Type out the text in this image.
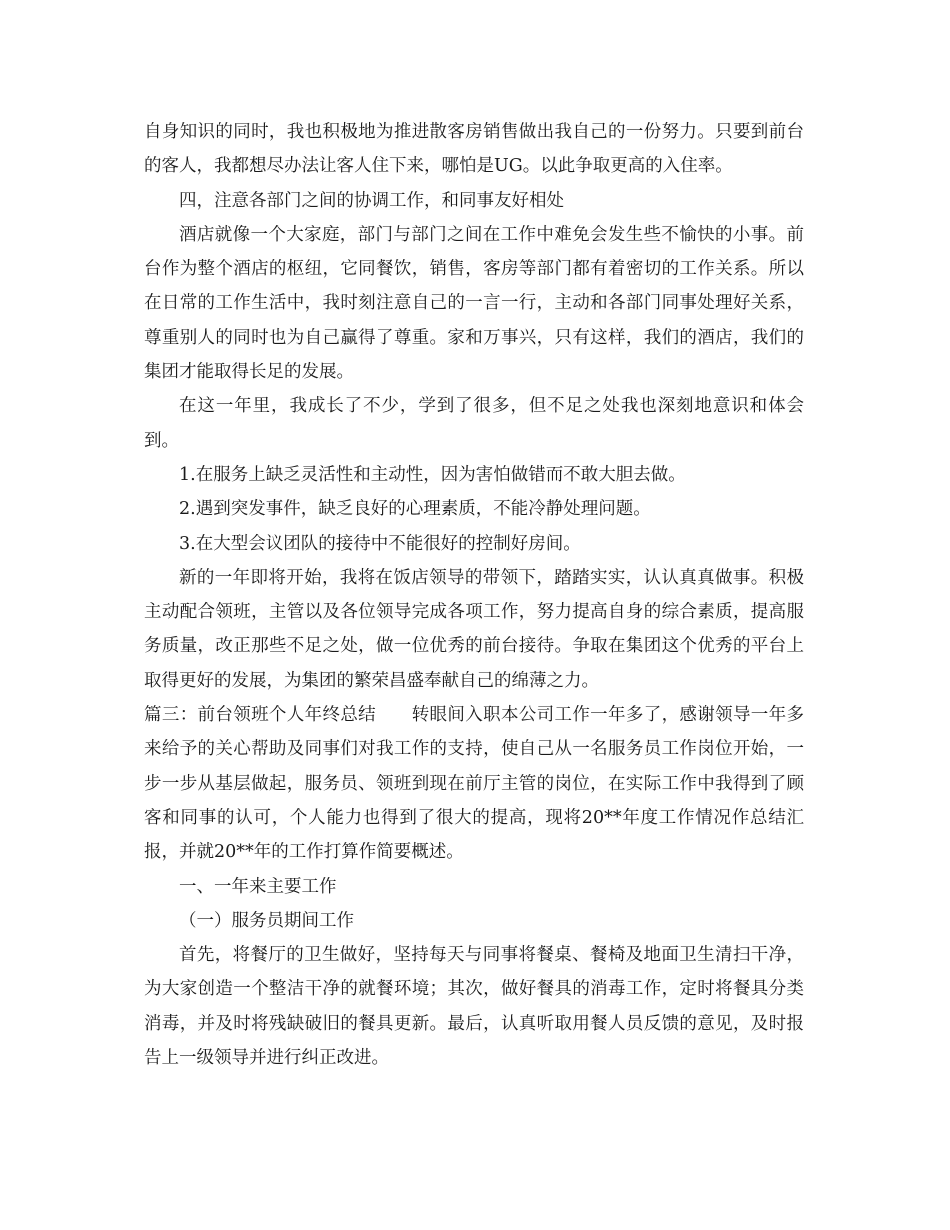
自身知识的同时，我也积极地为推进散客房销售做出我自己的一份努力。只要到前台的客人，我都想尽办法让客人住下来，哪怕是UG。以此争取更高的入住率。

四，注意各部门之间的协调工作，和同事友好相处

酒店就像一个大家庭，部门与部门之间在工作中难免会发生些不愉快的小事。前台作为整个酒店的枢纽，它同餐饮，销售，客房等部门都有着密切的工作关系。所以在日常的工作生活中，我时刻注意自己的一言一行，主动和各部门同事处理好关系，尊重别人的同时也为自己赢得了尊重。家和万事兴，只有这样，我们的酒店，我们的集团才能取得长足的发展。

在这一年里，我成长了不少，学到了很多，但不足之处我也深刻地意识和体会到。

1.在服务上缺乏灵活性和主动性，因为害怕做错而不敢大胆去做。

2.遇到突发事件，缺乏良好的心理素质，不能冷静处理问题。

3.在大型会议团队的接待中不能很好的控制好房间。

新的一年即将开始，我将在饭店领导的带领下，踏踏实实，认认真真做事。积极主动配合领班，主管以及各位领导完成各项工作，努力提高自身的综合素质，提高服务质量，改正那些不足之处，做一位优秀的前台接待。争取在集团这个优秀的平台上取得更好的发展，为集团的繁荣昌盛奉献自己的绵薄之力。

篇三：前台领班个人年终总结　　转眼间入职本公司工作一年多了，感谢领导一年多来给予的关心帮助及同事们对我工作的支持，使自己从一名服务员工作岗位开始，一步一步从基层做起，服务员、领班到现在前厅主管的岗位，在实际工作中我得到了顾客和同事的认可，个人能力也得到了很大的提高，现将20**年度工作情况作总结汇报，并就20**年的工作打算作简要概述。

一、一年来主要工作

（一）服务员期间工作

首先，将餐厅的卫生做好，坚持每天与同事将餐桌、餐椅及地面卫生清扫干净，为大家创造一个整洁干净的就餐环境；其次，做好餐具的消毒工作，定时将餐具分类消毒，并及时将残缺破旧的餐具更新。最后，认真听取用餐人员反馈的意见，及时报告上一级领导并进行纠正改进。
